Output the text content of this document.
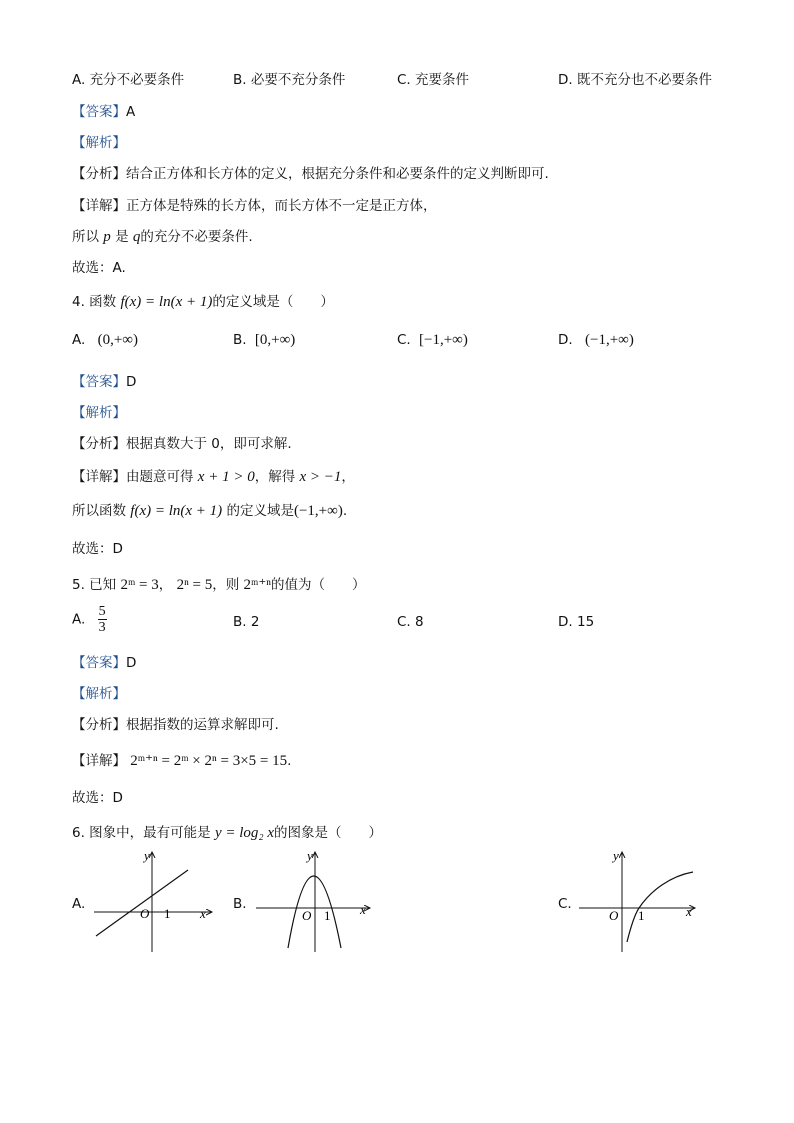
A. 充分不必要条件	B. 必要不充分条件	C. 充要条件	D. 既不充分也不必要条件
【答案】A
【解析】
【分析】结合正方体和长方体的定义，根据充分条件和必要条件的定义判断即可.
【详解】正方体是特殊的长方体，而长方体不一定是正方体，
所以 p 是 q的充分不必要条件.
故选：A.
4. 函数 f(x) = ln(x + 1)的定义域是（　　）
A. (0,+∞)	B. [0,+∞)	C. [−1,+∞)	D. (−1,+∞)
【答案】D
【解析】
【分析】根据真数大于 0，即可求解.
【详解】由题意可得 x + 1 > 0，解得 x > −1，
所以函数 f(x) = ln(x + 1) 的定义域是(−1,+∞).
故选：D
5. 已知 2ᵐ = 3， 2ⁿ = 5，则 2ᵐ⁺ⁿ的值为（　　）
A. $\frac{5}{3}$	B. 2	C. 8	D. 15
【答案】D
【解析】
【分析】根据指数的运算求解即可.
【详解】 2ᵐ⁺ⁿ = 2ᵐ × 2ⁿ = 3×5 = 15.
故选：D
6. 图象中，最有可能是 y = log₂ x的图象是（　　）
A.
y
x
O 1
B.
y
x
O 1
C.
y
x
O 1
